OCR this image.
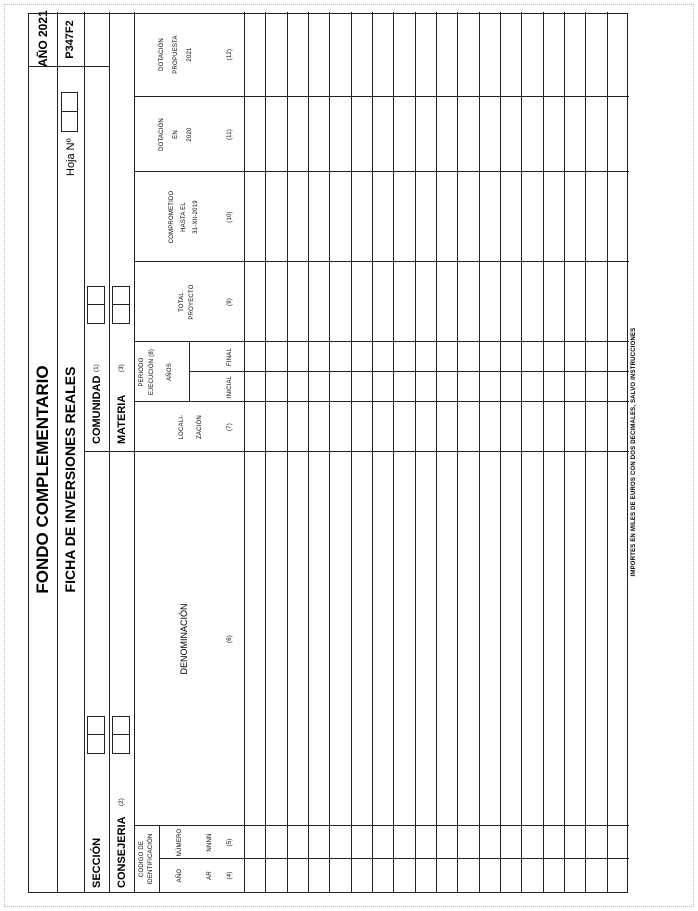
FONDO COMPLEMENTARIO FICHA DE INVERSIONES REALES
AÑO 2021 P347F2
Hoja Nº
SECCIÓN
COMUNIDAD
(1)
CONSEJERIA
(2)
MATERIA
(3)
CODIGO DE IDENTIFICACIÓN	AÑO	AR (4)
NÚMERO	NNNN (5)
DENOMINACIÓN	(6)
LOCALI- ZACIÓN	(7)
PERIODO EJECUCIÓN (8) AÑOS
INICIAL
FINAL
TOTAL PROYECTO	(9)
COMPROMETIDO HASTA EL 31-XII-2019	(10)
DOTACIÓN EN 2020	(11)
DOTACIÓN PROPUESTA 2021	(12)
IMPORTES EN MILES DE EUROS CON DOS DECIMALES, SALVO INSTRUCCIONES
